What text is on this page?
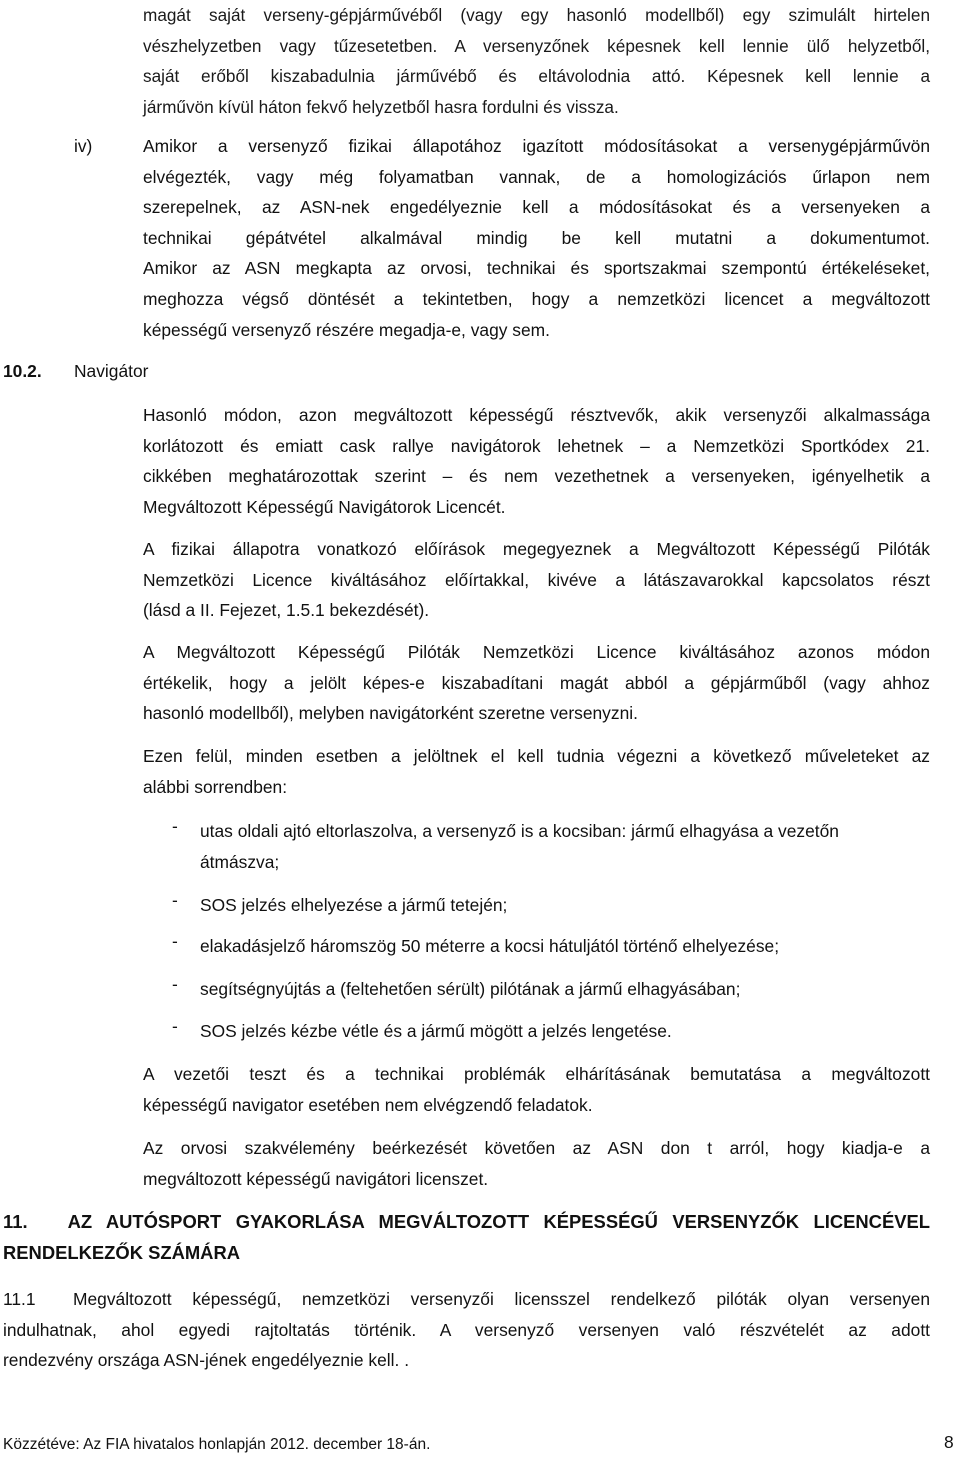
magát saját verseny-gépjárművéből (vagy egy hasonló modellből) egy szimulált hirtelen
vészhelyzetben vagy tűzesetetben. A versenyzőnek képesnek kell lennie ülő helyzetből,
saját erőből kiszabadulnia járművébő és eltávolodnia attó. Képesnek kell lennie a
járművön kívül háton fekvő helyzetből hasra fordulni és vissza.
iv)	Amikor a versenyző fizikai állapotához igazított módosításokat a versenygépjárművön
elvégezték, vagy még folyamatban vannak, de a homologizációs űrlapon nem
szerepelnek, az ASN-nek engedélyeznie kell a módosításokat és a versenyeken a
technikai gépátvétel alkalmával mindig be kell mutatni a dokumentumot.
Amikor az ASN megkapta az orvosi, technikai és sportszakmai szempontú értékeléseket,
meghozza végső döntését a tekintetben, hogy a nemzetközi licencet a megváltozott
képességű versenyző részére megadja-e, vagy sem.
10.2. Navigátor
Hasonló módon, azon megváltozott képességű résztvevők, akik versenyzői alkalmassága
korlátozott és emiatt cask rallye navigátorok lehetnek – a Nemzetközi Sportkódex 21.
cikkében meghatározottak szerint – és nem vezethetnek a versenyeken, igényelhetik a
Megváltozott Képességű Navigátorok Licencét.
A fizikai állapotra vonatkozó előírások megegyeznek a Megváltozott Képességű Pilóták
Nemzetközi Licence kiváltásához előírtakkal, kivéve a látászavarokkal kapcsolatos részt
(lásd a II. Fejezet, 1.5.1 bekezdését).
A Megváltozott Képességű Pilóták Nemzetközi Licence kiváltásához azonos módon
értékelik, hogy a jelölt képes-e kiszabadítani magát abból a gépjárműből (vagy ahhoz
hasonló modellből), melyben navigátorként szeretne versenyzni.
Ezen felül, minden esetben a jelöltnek el kell tudnia végezni a következő műveleteket az
alábbi sorrendben:
- utas oldali ajtó eltorlaszolva, a versenyző is a kocsiban: jármű elhagyása a vezetőn
átmászva;
- SOS jelzés elhelyezése a jármű tetején;
- elakadásjelző háromszög 50 méterre a kocsi hátuljától történő elhelyezése;
- segítségnyújtás a (feltehetően sérült) pilótának a jármű elhagyásában;
- SOS jelzés kézbe vétle és a jármű mögött a jelzés lengetése.
A vezetői teszt és a technikai problémák elhárításának bemutatása a megváltozott
képességű navigator esetében nem elvégzendő feladatok.
Az orvosi szakvélemény beérkezését követően az ASN don t arról, hogy kiadja-e a
megváltozott képességű navigátori licenszet.
11. AZ AUTÓSPORT GYAKORLÁSA MEGVÁLTOZOTT KÉPESSÉGŰ VERSENYZŐK LICENCÉVEL
RENDELKEZŐK SZÁMÁRA
11.1	Megváltozott képességű, nemzetközi versenyzői licensszel rendelkező pilóták olyan versenyen
indulhatnak, ahol egyedi rajtoltatás történik. A versenyző versenyen való részvételét az adott
rendezvény országa ASN-jének engedélyeznie kell. .
Közzétéve: Az FIA hivatalos honlapján 2012. december 18-án.	8
